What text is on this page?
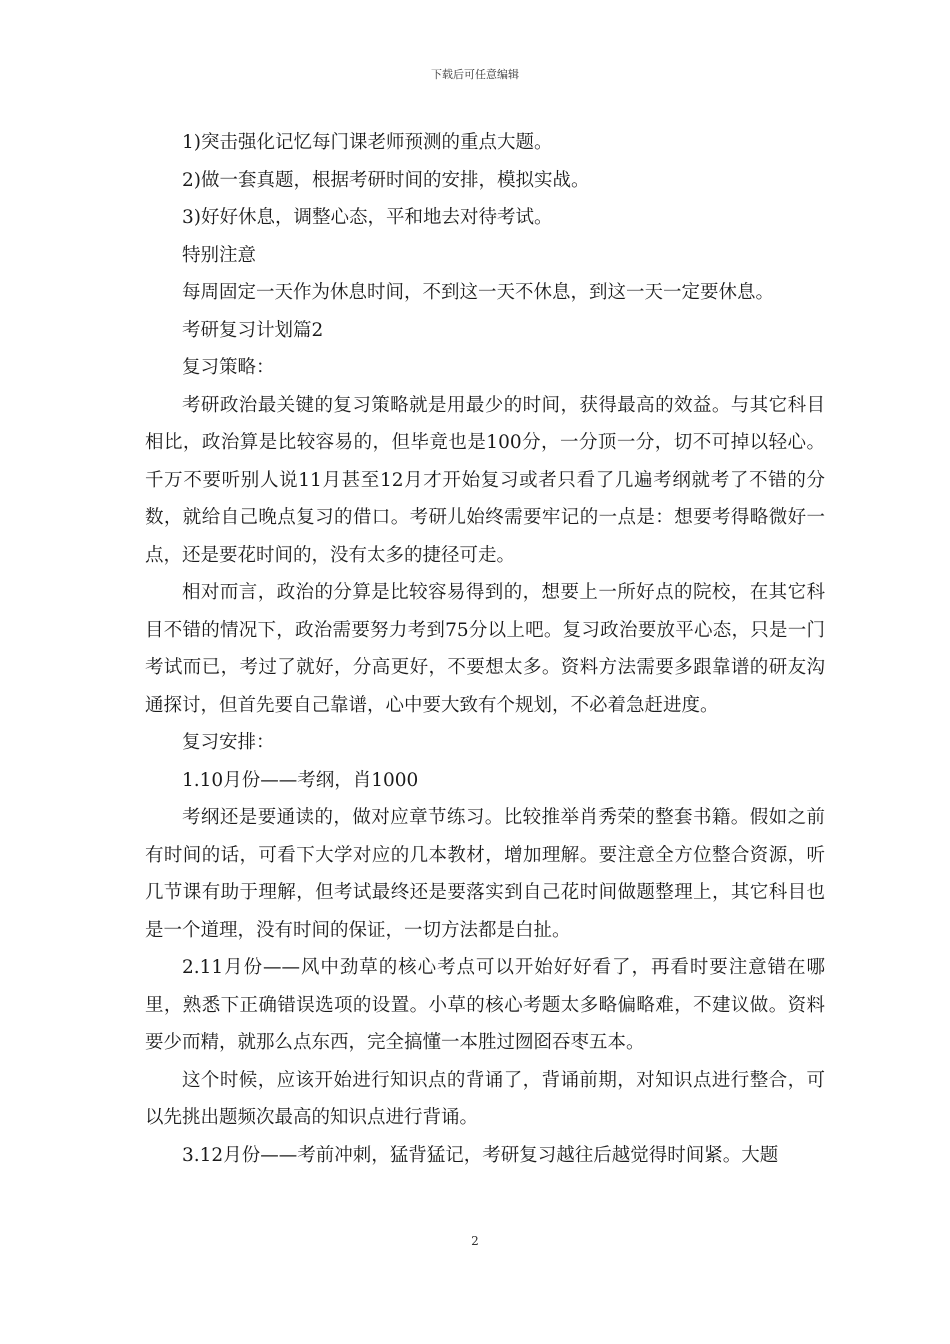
下载后可任意编辑

1)突击强化记忆每门课老师预测的重点大题。

2)做一套真题，根据考研时间的安排，模拟实战。

3)好好休息，调整心态，平和地去对待考试。

特别注意

每周固定一天作为休息时间，不到这一天不休息，到这一天一定要休息。

考研复习计划篇2

复习策略：

考研政治最关键的复习策略就是用最少的时间，获得最高的效益。与其它科目相比，政治算是比较容易的，但毕竟也是100分，一分顶一分，切不可掉以轻心。千万不要听别人说11月甚至12月才开始复习或者只看了几遍考纲就考了不错的分数，就给自己晚点复习的借口。考研儿始终需要牢记的一点是：想要考得略微好一点，还是要花时间的，没有太多的捷径可走。

相对而言，政治的分算是比较容易得到的，想要上一所好点的院校，在其它科目不错的情况下，政治需要努力考到75分以上吧。复习政治要放平心态，只是一门考试而已，考过了就好，分高更好，不要想太多。资料方法需要多跟靠谱的研友沟通探讨，但首先要自己靠谱，心中要大致有个规划，不必着急赶进度。

复习安排：

1.10月份——考纲，肖1000

考纲还是要通读的，做对应章节练习。比较推举肖秀荣的整套书籍。假如之前有时间的话，可看下大学对应的几本教材，增加理解。要注意全方位整合资源，听几节课有助于理解，但考试最终还是要落实到自己花时间做题整理上，其它科目也是一个道理，没有时间的保证，一切方法都是白扯。

2.11月份——风中劲草的核心考点可以开始好好看了，再看时要注意错在哪里，熟悉下正确错误选项的设置。小草的核心考题太多略偏略难，不建议做。资料要少而精，就那么点东西，完全搞懂一本胜过囫囵吞枣五本。

这个时候，应该开始进行知识点的背诵了，背诵前期，对知识点进行整合，可以先挑出题频次最高的知识点进行背诵。

3.12月份——考前冲刺，猛背猛记，考研复习越往后越觉得时间紧。大题

2
